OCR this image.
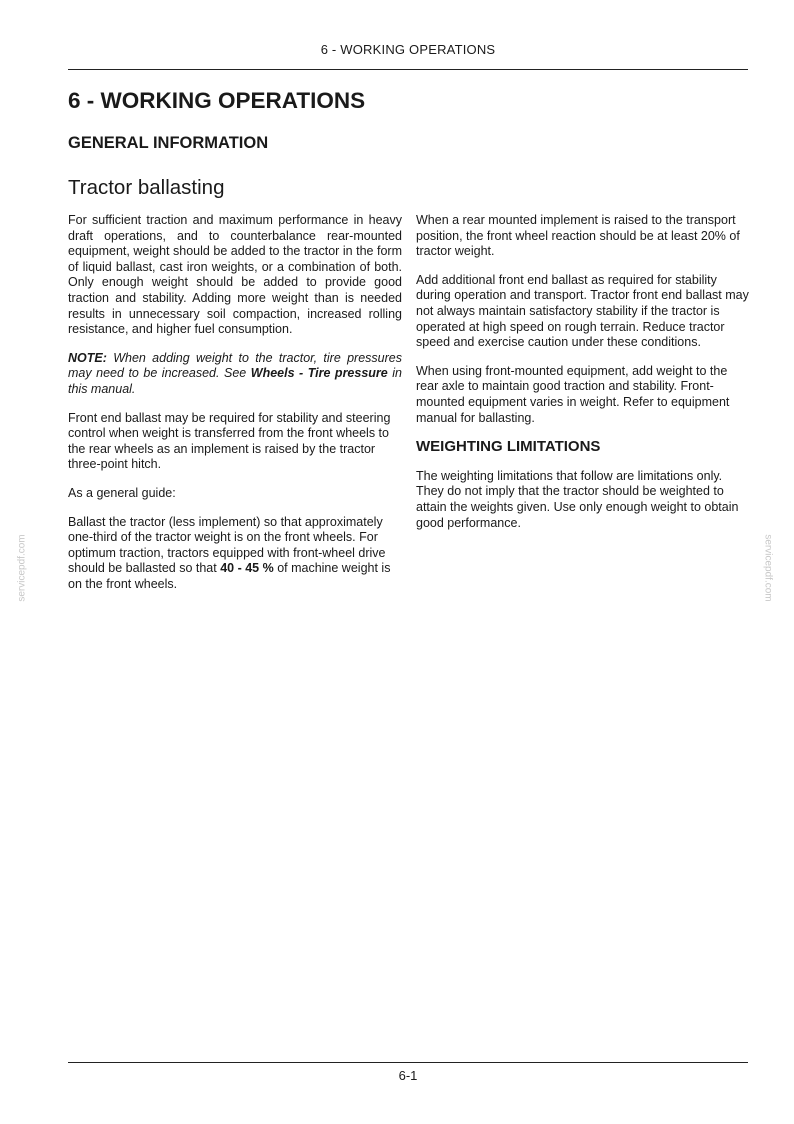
6 - WORKING OPERATIONS
6 - WORKING OPERATIONS
GENERAL INFORMATION
Tractor ballasting

For sufficient traction and maximum performance in heavy draft operations, and to counterbalance rear-mounted equipment, weight should be added to the tractor in the form of liquid ballast, cast iron weights, or a combination of both. Only enough weight should be added to provide good traction and stability. Adding more weight than is needed results in unnecessary soil compaction, increased rolling resistance, and higher fuel consumption.

NOTE: When adding weight to the tractor, tire pressures may need to be increased. See Wheels - Tire pressure in this manual.

Front end ballast may be required for stability and steering control when weight is transferred from the front wheels to the rear wheels as an implement is raised by the tractor three-point hitch.

As a general guide:

Ballast the tractor (less implement) so that approximately one-third of the tractor weight is on the front wheels. For optimum traction, tractors equipped with front-wheel drive should be ballasted so that 40 - 45 % of machine weight is on the front wheels.

When a rear mounted implement is raised to the transport position, the front wheel reaction should be at least 20% of tractor weight.

Add additional front end ballast as required for stability during operation and transport. Tractor front end ballast may not always maintain satisfactory stability if the tractor is operated at high speed on rough terrain. Reduce tractor speed and exercise caution under these conditions.

When using front-mounted equipment, add weight to the rear axle to maintain good traction and stability. Front-mounted equipment varies in weight. Refer to equipment manual for ballasting.

WEIGHTING LIMITATIONS

The weighting limitations that follow are limitations only. They do not imply that the tractor should be weighted to attain the weights given. Use only enough weight to obtain good performance.

servicepdf.com	servicepdf.com
6-1
